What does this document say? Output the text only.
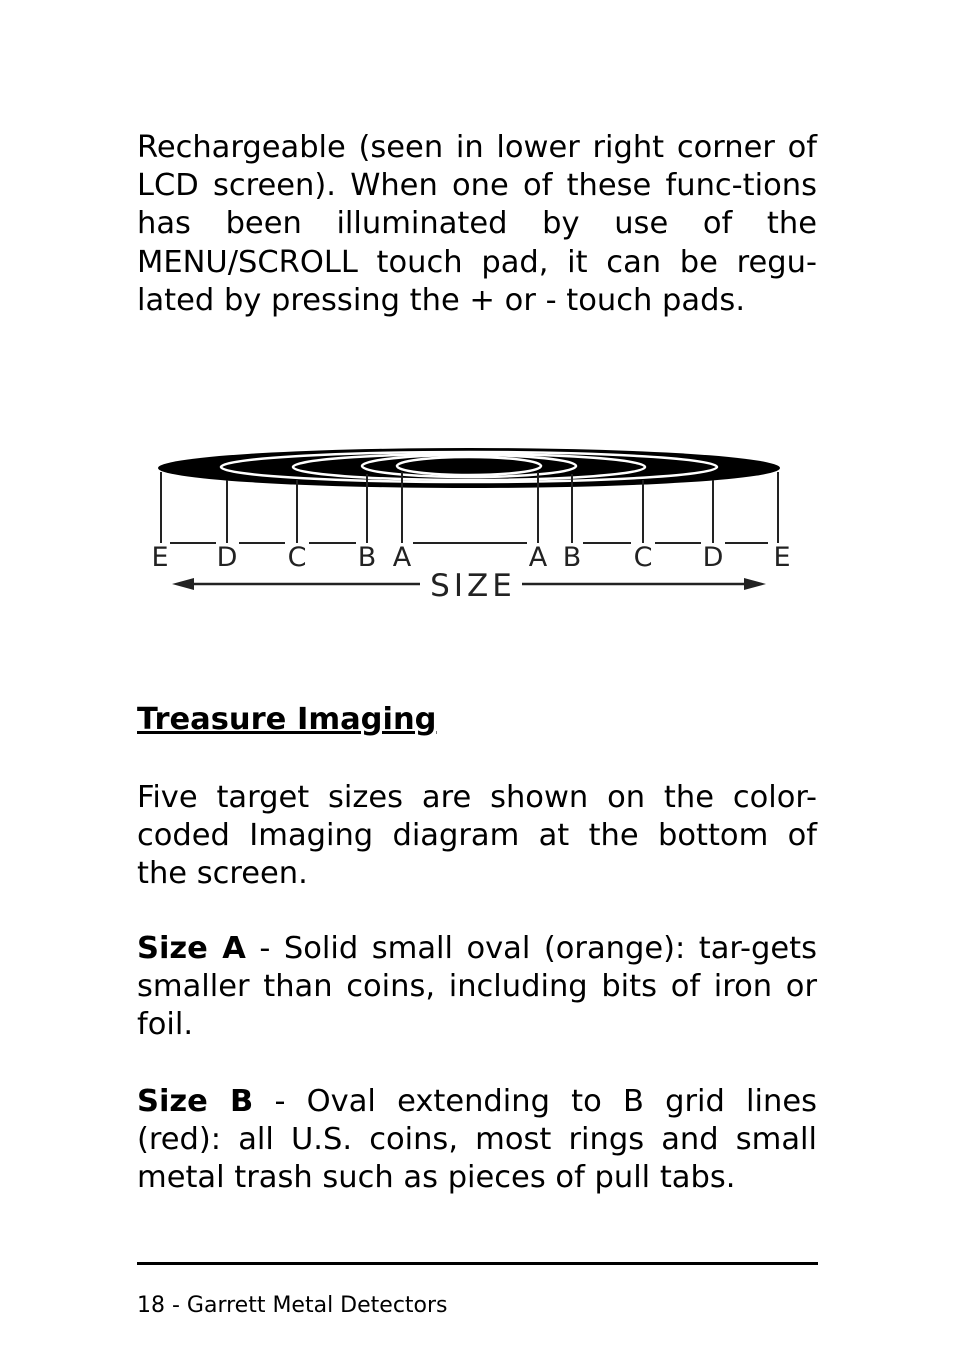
Rechargeable (seen in lower right corner of LCD screen). When one of these func-tions has been illuminated by use of the MENU/SCROLL touch pad, it can be regu-lated by pressing the + or - touch pads.

E D C B A	A B C D E
SIZE
Treasure Imaging

Five target sizes are shown on the color-coded Imaging diagram at the bottom of the screen.

Size A - Solid small oval (orange): tar-gets smaller than coins, including bits of iron or foil.

Size B - Oval extending to B grid lines (red): all U.S. coins, most rings and small metal trash such as pieces of pull tabs.

18 - Garrett Metal Detectors
